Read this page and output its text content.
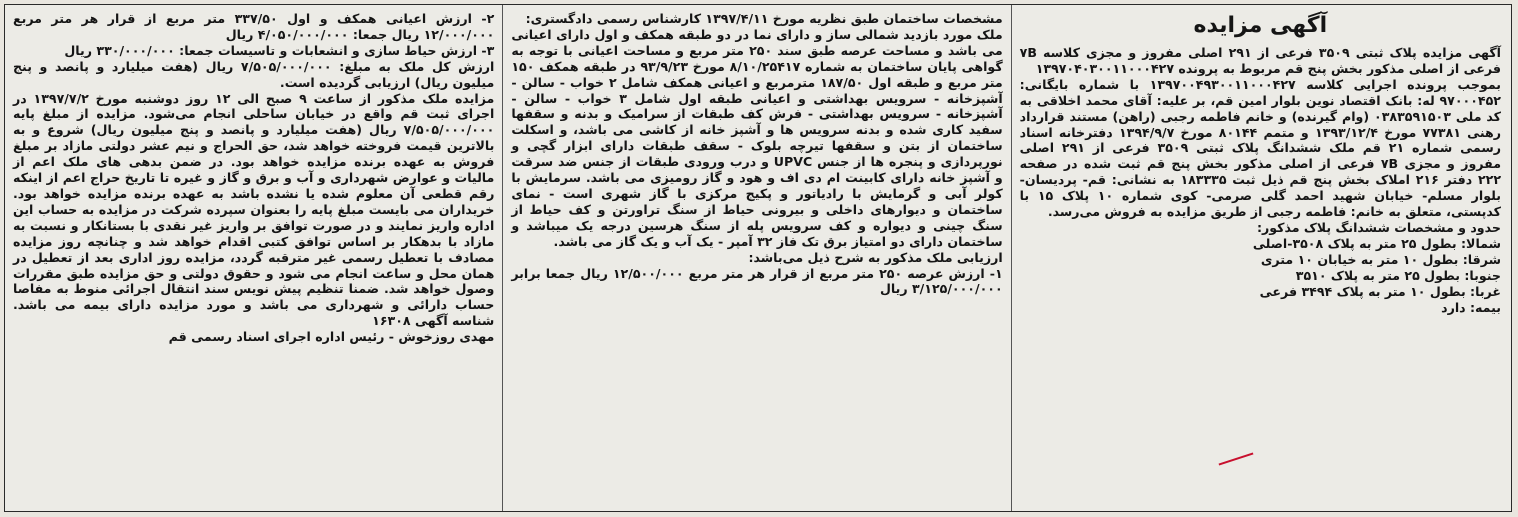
آگهی مزایده

آگهی مزایده پلاک ثبتی ۳۵۰۹ فرعی از ۲۹۱ اصلی مفروز و مجزی کلاسه ۷B فرعی از اصلی مذکور بخش پنج قم مربوط به پرونده ۱۳۹۷۰۴۰۳۰۰۱۱۰۰۰۴۲۷

بموجب پرونده اجرایی کلاسه ۱۳۹۷۰۰۴۹۳۰۰۱۱۰۰۰۴۲۷ با شماره بایگانی: ۹۷۰۰۰۴۵۲ له: بانک اقتصاد نوین بلوار امین قم، بر علیه: آقای محمد اخلاقی به کد ملی ۰۳۸۳۵۹۱۵۰۳ (وام گیرنده) و خانم فاطمه رجبی (راهن) مستند قرارداد رهنی ۷۷۳۸۱ مورخ ۱۳۹۳/۱۲/۴ و متمم ۸۰۱۴۴ مورخ ۱۳۹۴/۹/۷ دفترخانه اسناد رسمی شماره ۲۱ قم ملک ششدانگ پلاک ثبتی ۳۵۰۹ فرعی از ۲۹۱ اصلی مفروز و مجزی ۷B فرعی از اصلی مذکور بخش پنج قم ثبت شده در صفحه ۲۲۲ دفتر ۲۱۶ املاک بخش پنج قم ذیل ثبت ۱۸۳۳۳۵ به نشانی: قم- پردیسان- بلوار مسلم- خیابان شهید احمد گلی صرمی- کوی شماره ۱۰ پلاک ۱۵ با کدپستی، متعلق به خانم: فاطمه رجبی از طریق مزایده به فروش می‌رسد.

حدود و مشخصات ششدانگ پلاک مذکور:

شمالا: بطول ۲۵ متر به پلاک ۳۵۰۸-اصلی
شرقا: بطول ۱۰ متر به خیابان ۱۰ متری
جنوبا: بطول ۲۵ متر به پلاک ۳۵۱۰
غربا: بطول ۱۰ متر به پلاک ۳۴۹۴ فرعی
بیمه: دارد

مشخصات ساختمان طبق نظریه مورخ ۱۳۹۷/۴/۱۱ کارشناس رسمی دادگستری:

ملک مورد بازدید شمالی ساز و دارای نما در دو طبقه همکف و اول دارای اعیانی می باشد و مساحت عرصه طبق سند ۲۵۰ متر مربع و مساحت اعیانی با توجه به گواهی پایان ساختمان به شماره ۸/۱۰/۲۵۴۱۷ مورخ ۹۳/۹/۲۳ در طبقه همکف ۱۵۰ متر مربع و طبقه اول ۱۸۷/۵۰ مترمربع و اعیانی همکف شامل ۲ خواب - سالن - آشپزخانه - سرویس بهداشتی و اعیانی طبقه اول شامل ۳ خواب - سالن - آشپزخانه - سرویس بهداشتی - فرش کف طبقات از سرامیک و بدنه و سقفها سفید کاری شده و بدنه سرویس ها و آشپز خانه از کاشی می باشد، و اسکلت ساختمان از بتن و سقفها تیرچه بلوک - سقف طبقات دارای ابزار گچی و نورپردازی و پنجره ها از جنس UPVC و درب ورودی طبقات از جنس ضد سرقت و آشپز خانه دارای کابینت ام دی اف و هود و گاز رومیزی می باشد. سرمایش با کولر آبی و گرمایش با رادیاتور و پکیج مرکزی با گاز شهری است - نمای ساختمان و دیوارهای داخلی و بیرونی حیاط از سنگ تراورتن و کف حیاط از سنگ چینی و دیواره و کف سرویس پله از سنگ هرسین درجه یک میباشد و ساختمان دارای دو امتیاز برق تک فاز ۳۲ آمپر - یک آب و یک گاز می باشد.

ارزیابی ملک مذکور به شرح ذیل می‌باشد:

۱- ارزش عرصه ۲۵۰ متر مربع از قرار هر متر مربع ۱۲/۵۰۰/۰۰۰ ریال جمعا برابر ۳/۱۲۵/۰۰۰/۰۰۰ ریال

۲- ارزش اعیانی همکف و اول ۳۳۷/۵۰ متر مربع از قرار هر متر مربع ۱۲/۰۰۰/۰۰۰ ریال جمعا: ۴/۰۵۰/۰۰۰/۰۰۰ ریال

۳- ارزش حیاط سازی و انشعابات و تاسیسات جمعا: ۳۳۰/۰۰۰/۰۰۰ ریال

ارزش کل ملک به مبلغ: ۷/۵۰۵/۰۰۰/۰۰۰ ریال (هفت میلیارد و پانصد و پنج میلیون ریال) ارزیابی گردیده است.

مزایده ملک مذکور از ساعت ۹ صبح الی ۱۲ روز دوشنبه مورخ ۱۳۹۷/۷/۲ در اجرای ثبت قم واقع در خیابان ساحلی انجام می‌شود. مزایده از مبلغ پایه ۷/۵۰۵/۰۰۰/۰۰۰ ریال (هفت میلیارد و پانصد و پنج میلیون ریال) شروع و به بالاترین قیمت فروخته خواهد شد، حق الحراج و نیم عشر دولتی مازاد بر مبلغ فروش به عهده برنده مزایده خواهد بود. در ضمن بدهی های ملک اعم از مالیات و عوارض شهرداری و آب و برق و گاز و غیره تا تاریخ حراج اعم از اینکه رقم قطعی آن معلوم شده یا نشده باشد به عهده برنده مزایده خواهد بود. خریداران می بایست مبلغ پایه را بعنوان سپرده شرکت در مزایده به حساب این اداره واریز نمایند و در صورت توافق بر واریز غیر نقدی با بستانکار و نسبت به مازاد با بدهکار بر اساس توافق کتبی اقدام خواهد شد و چنانچه روز مزایده مصادف با تعطیل رسمی غیر مترقبه گردد، مزایده روز اداری بعد از تعطیل در همان محل و ساعت انجام می شود و حقوق دولتی و حق مزایده طبق مقررات وصول خواهد شد. ضمنا تنظیم پیش نویس سند انتقال اجرائی منوط به مفاصا حساب دارائی و شهرداری می باشد و مورد مزایده دارای بیمه می باشد. شناسه آگهی ۱۶۳۰۸

مهدی روزخوش - رئیس اداره اجرای اسناد رسمی قم
